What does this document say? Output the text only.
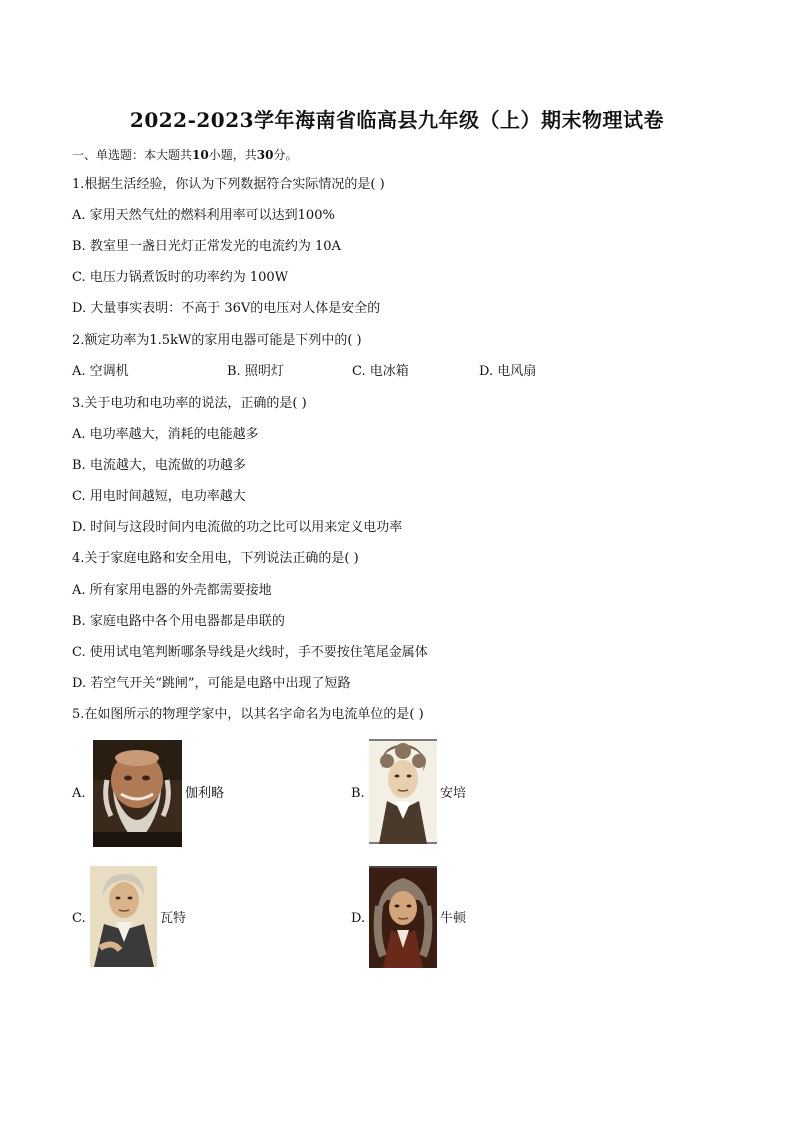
2022-2023学年海南省临高县九年级（上）期末物理试卷
一、单选题：本大题共10小题，共30分。
1.根据生活经验，你认为下列数据符合实际情况的是( )
A. 家用天然气灶的燃料利用率可以达到100%
B. 教室里一盏日光灯正常发光的电流约为 10A
C. 电压力锅煮饭时的功率约为 100W
D. 大量事实表明：不高于 36V的电压对人体是安全的
2.额定功率为1.5kW的家用电器可能是下列中的( )
A. 空调机	B. 照明灯	C. 电冰箱	D. 电风扇
3.关于电功和电功率的说法，正确的是( )
A. 电功率越大，消耗的电能越多
B. 电流越大，电流做的功越多
C. 用电时间越短，电功率越大
D. 时间与这段时间内电流做的功之比可以用来定义电功率
4.关于家庭电路和安全用电，下列说法正确的是( )
A. 所有家用电器的外壳都需要接地
B. 家庭电路中各个用电器都是串联的
C. 使用试电笔判断哪条导线是火线时，手不要按住笔尾金属体
D. 若空气开关“跳闸”，可能是电路中出现了短路
5.在如图所示的物理学家中，以其名字命名为电流单位的是( )
A.	伽利略	B.	安培
C.	瓦特	D.	牛顿
